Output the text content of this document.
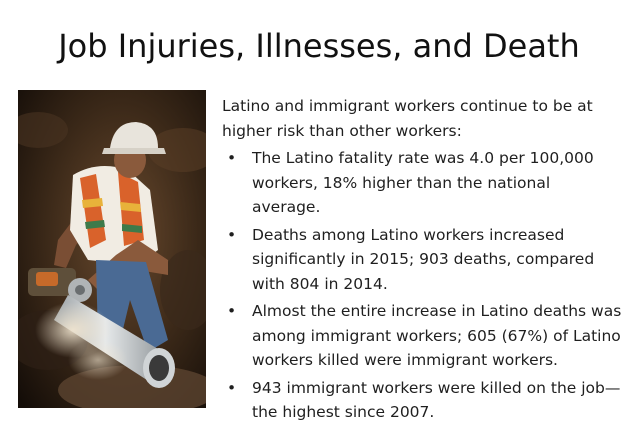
Job Injuries, Illnesses, and Death

Latino and immigrant workers continue to be at higher risk than other workers:

• The Latino fatality rate was 4.0 per 100,000 workers, 18% higher than the national average.
• Deaths among Latino workers increased significantly in 2015; 903 deaths, compared with 804 in 2014.
• Almost the entire increase in Latino deaths was among immigrant workers; 605 (67%) of Latino workers killed were immigrant workers.
• 943 immigrant workers were killed on the job—the highest since 2007.
